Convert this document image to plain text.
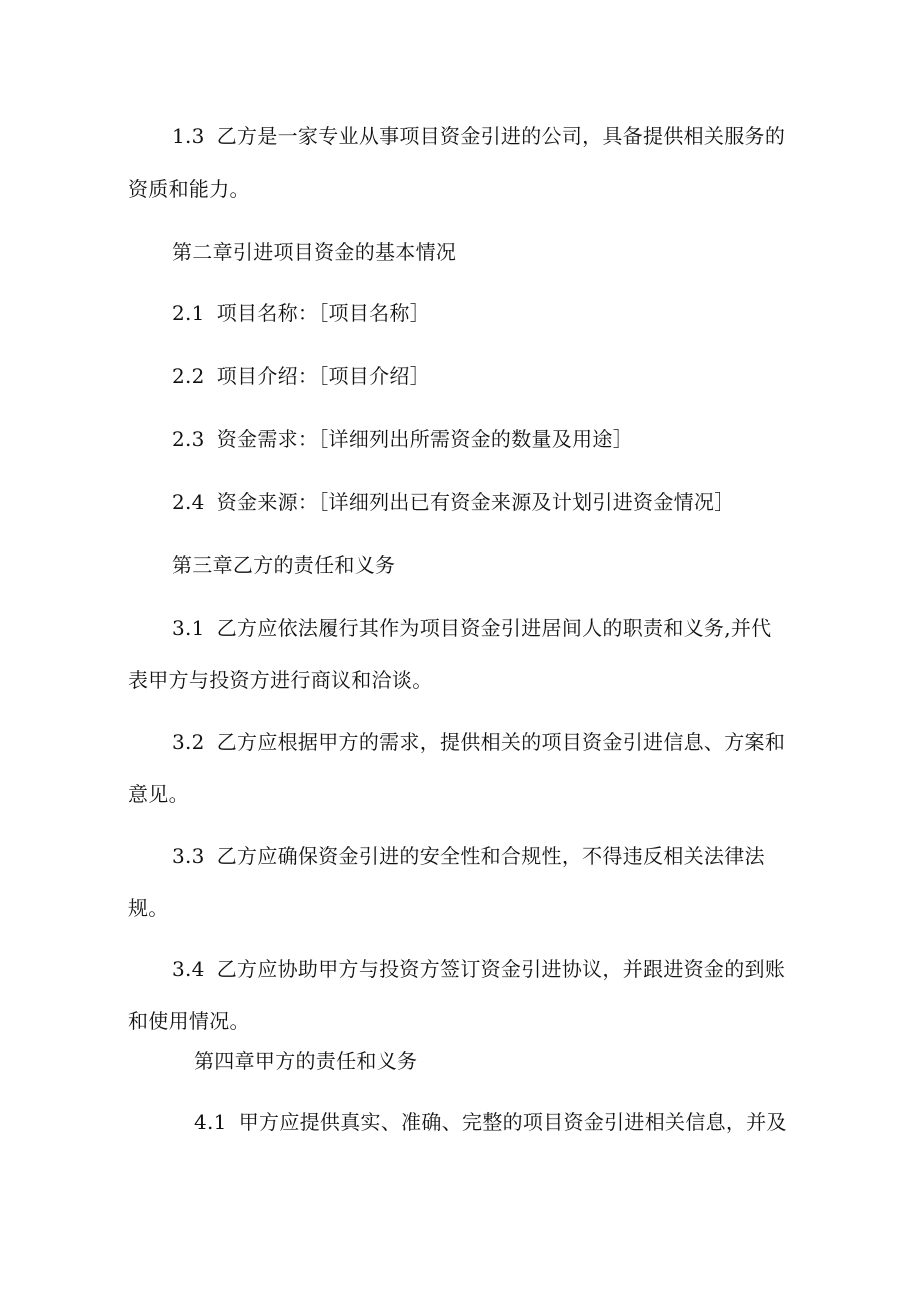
1.3 乙方是一家专业从事项目资金引进的公司，具备提供相关服务的
资质和能力。
第二章引进项目资金的基本情况
2.1 项目名称：［项目名称］
2.2 项目介绍：［项目介绍］
2.3 资金需求：［详细列出所需资金的数量及用途］
2.4 资金来源：［详细列出已有资金来源及计划引进资金情况］
第三章乙方的责任和义务
3.1 乙方应依法履行其作为项目资金引进居间人的职责和义务,并代
表甲方与投资方进行商议和洽谈。
3.2 乙方应根据甲方的需求，提供相关的项目资金引进信息、方案和
意见。
3.3 乙方应确保资金引进的安全性和合规性，不得违反相关法律法
规。
3.4 乙方应协助甲方与投资方签订资金引进协议，并跟进资金的到账
和使用情况。
第四章甲方的责任和义务
4.1 甲方应提供真实、准确、完整的项目资金引进相关信息，并及
